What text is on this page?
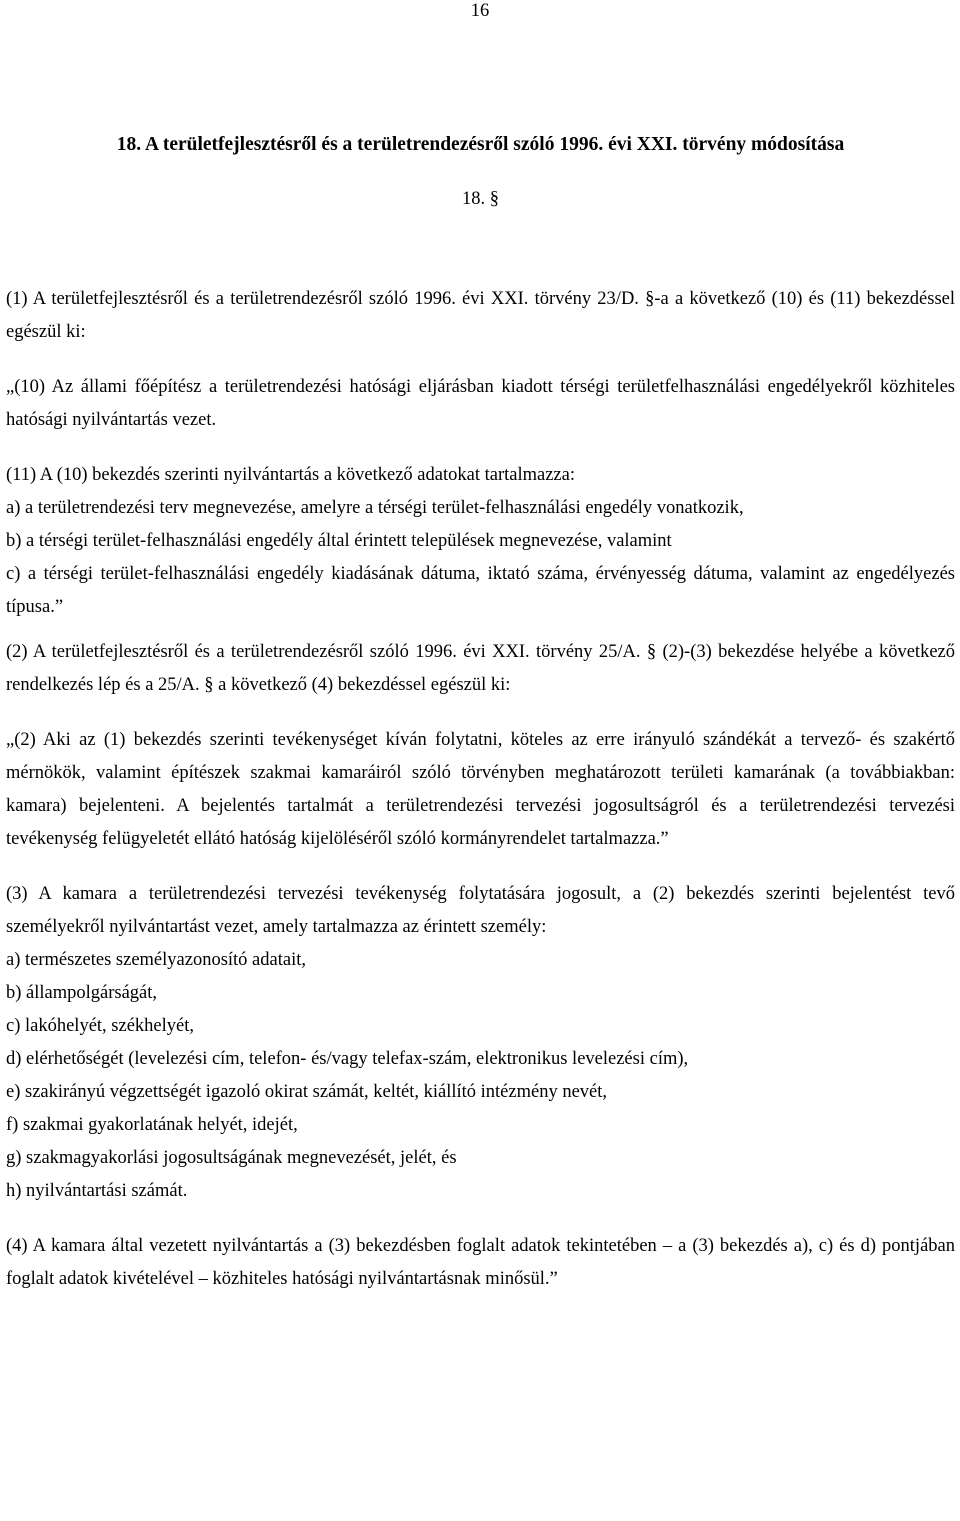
16
18. A területfejlesztésről és a területrendezésről szóló 1996. évi XXI. törvény módosítása
18. §

(1) A területfejlesztésről és a területrendezésről szóló 1996. évi XXI. törvény 23/D. §-a a következő (10) és (11) bekezdéssel egészül ki:

„(10) Az állami főépítész a területrendezési hatósági eljárásban kiadott térségi területfelhasználási engedélyekről közhiteles hatósági nyilvántartás vezet.

(11) A (10) bekezdés szerinti nyilvántartás a következő adatokat tartalmazza:

a) a területrendezési terv megnevezése, amelyre a térségi terület-felhasználási engedély vonatkozik,

b) a térségi terület-felhasználási engedély által érintett települések megnevezése, valamint

c) a térségi terület-felhasználási engedély kiadásának dátuma, iktató száma, érvényesség dátuma, valamint az engedélyezés típusa.”

(2) A területfejlesztésről és a területrendezésről szóló 1996. évi XXI. törvény 25/A. § (2)-(3) bekezdése helyébe a következő rendelkezés lép és a 25/A. § a következő (4) bekezdéssel egészül ki:

„(2) Aki az (1) bekezdés szerinti tevékenységet kíván folytatni, köteles az erre irányuló szándékát a tervező- és szakértő mérnökök, valamint építészek szakmai kamaráiról szóló törvényben meghatározott területi kamarának (a továbbiakban: kamara) bejelenteni. A bejelentés tartalmát a területrendezési tervezési jogosultságról és a területrendezési tervezési tevékenység felügyeletét ellátó hatóság kijelöléséről szóló kormányrendelet tartalmazza.”

(3) A kamara a területrendezési tervezési tevékenység folytatására jogosult, a (2) bekezdés szerinti bejelentést tevő személyekről nyilvántartást vezet, amely tartalmazza az érintett személy:

a) természetes személyazonosító adatait,

b) állampolgárságát,

c) lakóhelyét, székhelyét,

d) elérhetőségét (levelezési cím, telefon- és/vagy telefax-szám, elektronikus levelezési cím),

e) szakirányú végzettségét igazoló okirat számát, keltét, kiállító intézmény nevét,

f) szakmai gyakorlatának helyét, idejét,

g) szakmagyakorlási jogosultságának megnevezését, jelét, és

h) nyilvántartási számát.

(4) A kamara által vezetett nyilvántartás a (3) bekezdésben foglalt adatok tekintetében – a (3) bekezdés a), c) és d) pontjában foglalt adatok kivételével – közhiteles hatósági nyilvántartásnak minősül.”
